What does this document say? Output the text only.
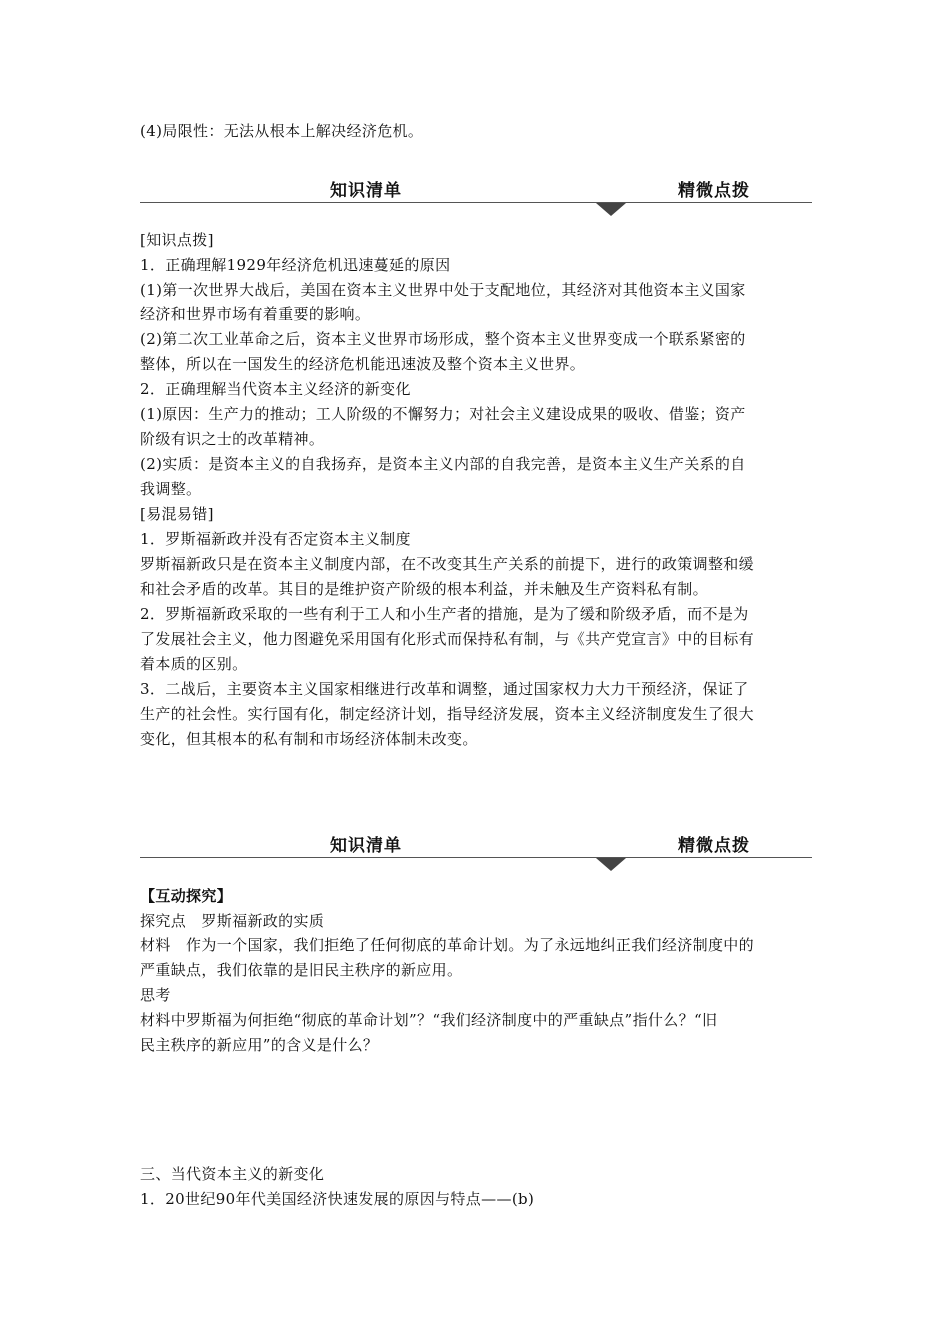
(4)局限性：无法从根本上解决经济危机。
知识清单	精微点拨
[知识点拨]
1．正确理解1929年经济危机迅速蔓延的原因
(1)第一次世界大战后，美国在资本主义世界中处于支配地位，其经济对其他资本主义国家
经济和世界市场有着重要的影响。
(2)第二次工业革命之后，资本主义世界市场形成，整个资本主义世界变成一个联系紧密的
整体，所以在一国发生的经济危机能迅速波及整个资本主义世界。
2．正确理解当代资本主义经济的新变化
(1)原因：生产力的推动；工人阶级的不懈努力；对社会主义建设成果的吸收、借鉴；资产
阶级有识之士的改革精神。
(2)实质：是资本主义的自我扬弃，是资本主义内部的自我完善，是资本主义生产关系的自
我调整。
[易混易错]
1．罗斯福新政并没有否定资本主义制度
罗斯福新政只是在资本主义制度内部，在不改变其生产关系的前提下，进行的政策调整和缓
和社会矛盾的改革。其目的是维护资产阶级的根本利益，并未触及生产资料私有制。
2．罗斯福新政采取的一些有利于工人和小生产者的措施，是为了缓和阶级矛盾，而不是为
了发展社会主义，他力图避免采用国有化形式而保持私有制，与《共产党宣言》中的目标有
着本质的区别。
3．二战后，主要资本主义国家相继进行改革和调整，通过国家权力大力干预经济，保证了
生产的社会性。实行国有化，制定经济计划，指导经济发展，资本主义经济制度发生了很大
变化，但其根本的私有制和市场经济体制未改变。
知识清单	精微点拨
【互动探究】
探究点　罗斯福新政的实质
材料　作为一个国家，我们拒绝了任何彻底的革命计划。为了永远地纠正我们经济制度中的
严重缺点，我们依靠的是旧民主秩序的新应用。
思考
材料中罗斯福为何拒绝“彻底的革命计划”？“我们经济制度中的严重缺点”指什么？“旧
民主秩序的新应用”的含义是什么？
三、当代资本主义的新变化
1．20世纪90年代美国经济快速发展的原因与特点——(b)
